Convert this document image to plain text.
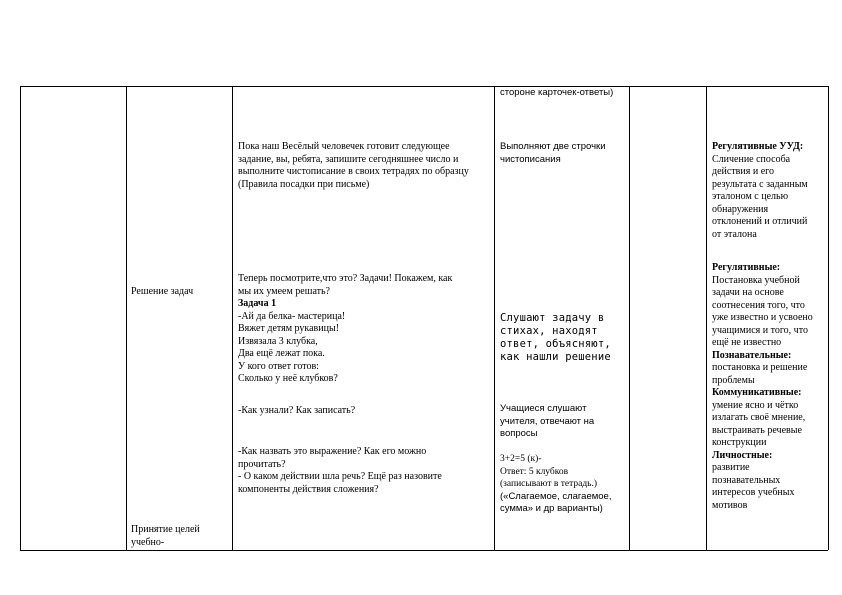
Решение задач
Принятие целей
учебно-
Пока наш Весёлый человечек готовит следующее
задание, вы, ребята, запишите сегодняшнее число и
выполните чистописание в своих тетрадях по образцу
(Правила посадки при письме)
Теперь посмотрите,что это? Задачи! Покажем, как
мы их умеем решать?
Задача 1
-Ай да белка- мастерица!
Вяжет детям рукавицы!
Извязала 3 клубка,
Два ещё лежат пока.
У кого ответ готов:
Сколько у неё клубков?
-Как узнали? Как записать?
-Как назвать это выражение? Как его можно
прочитать?
- О каком действии шла речь? Ещё раз назовите
компоненты действия сложения?
стороне карточек-ответы)
Выполняют две строчки
чистописания
Слушают задачу в
стихах, находят
ответ, объясняют,
как нашли решение
Учащиеся слушают
учителя, отвечают на
вопросы
3+2=5 (к)-
Ответ: 5 клубков
(записывают в тетрадь.)
(«Слагаемое, слагаемое,
сумма» и др варианты)
Регулятивные УУД:
Сличение способа
действия и его
результата с заданным
эталоном с целью
обнаружения
отклонений и отличий
от эталона
Регулятивные:
Постановка учебной
задачи на основе
соотнесения того, что
уже известно и усвоено
учащимися и того, что
ещё не известно
Познавательные:
постановка и решение
проблемы
Коммуникативные:
умение ясно и чётко
излагать своё мнение,
выстраивать речевые
конструкции
Личностные:
развитие
познавательных
интересов учебных
мотивов
